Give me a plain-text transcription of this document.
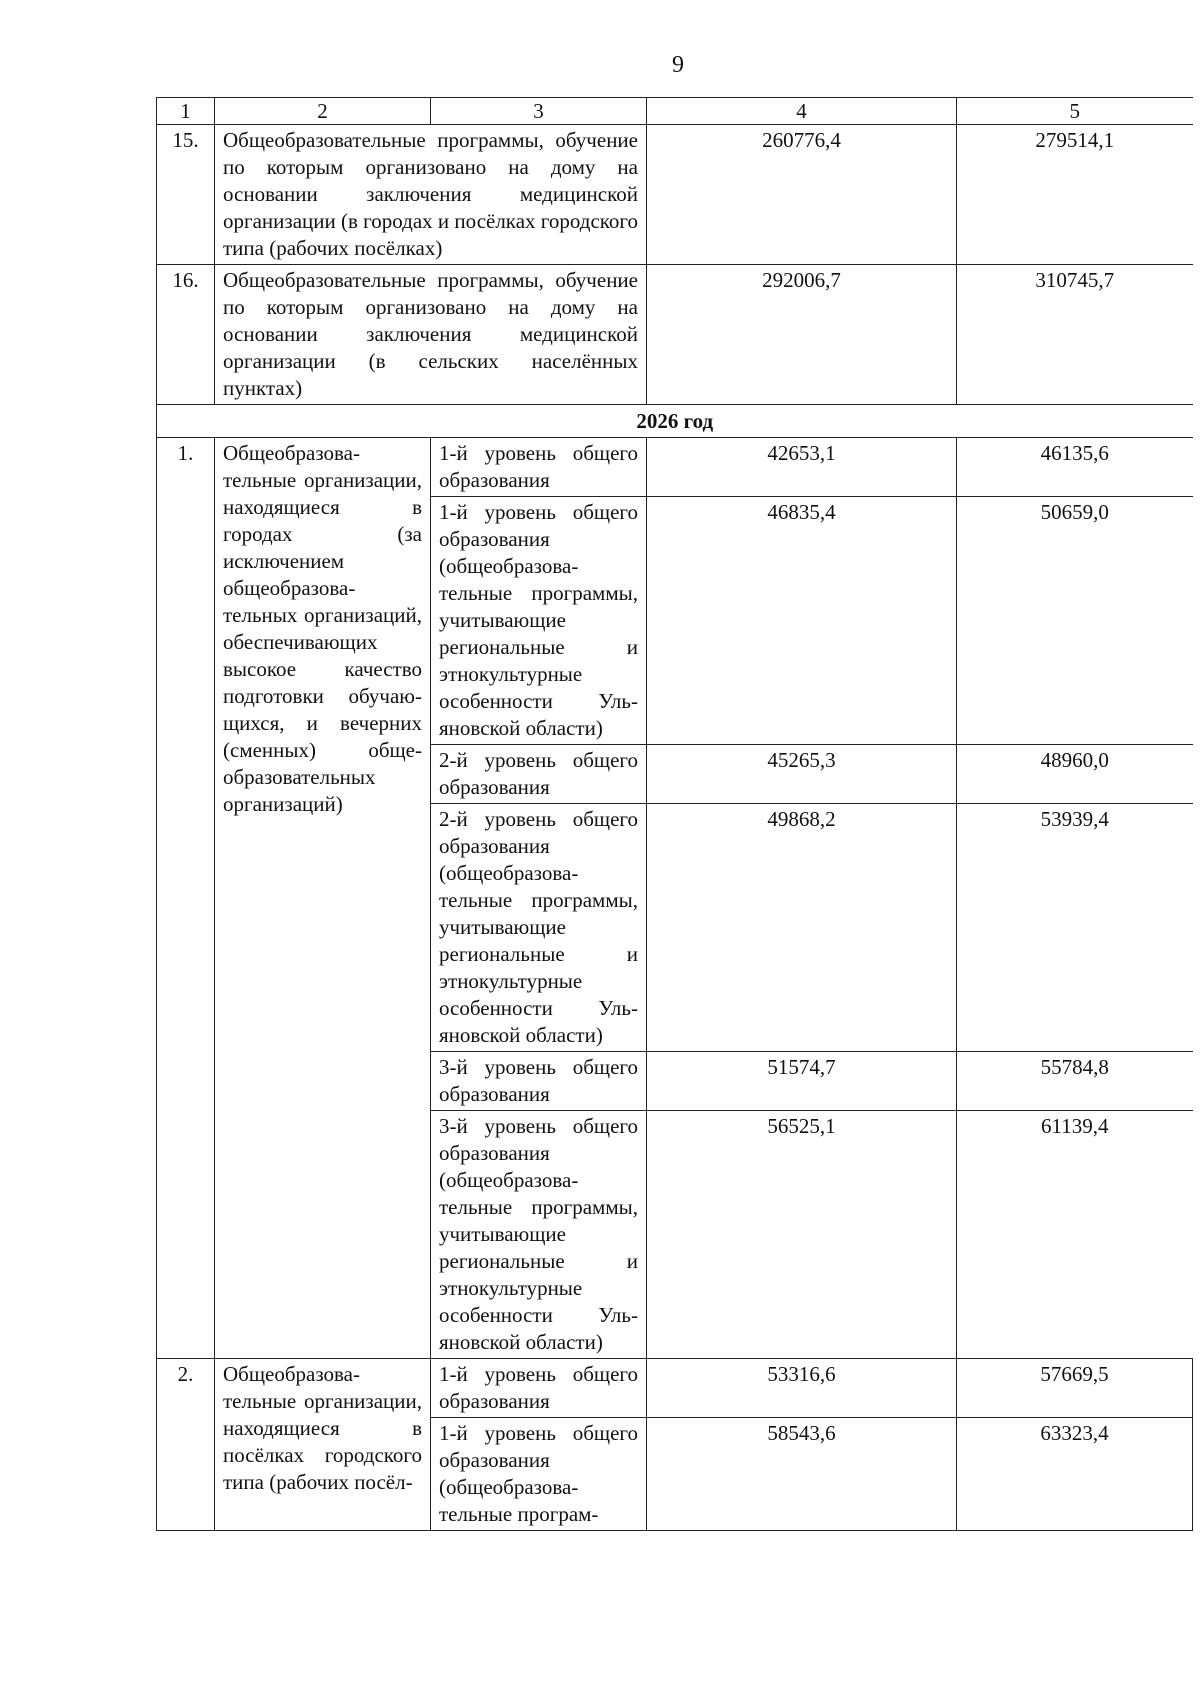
9
1	2	3	4	5
15.	Общеобразовательные программы, обучение по которым организовано на дому на основании заключения медицинской организации (в городах и посёлках городского типа (рабочих посёлках)		260776,4	279514,1
16.	Общеобразовательные программы, обучение по которым организовано на дому на основании заключения медицинской организации (в сельских населённых пунктах)		292006,7	310745,7
2026 год				
1.	Общеобразовательные организации, находящиеся в городах (за исключением общеобразовательных организаций, обеспечивающих высокое качество подготовки обучающихся, и вечерних (сменных) общеобразовательных организаций)	1-й уровень общего образования	42653,1	46135,6
		1-й уровень общего образования (общеобразовательные программы, учитывающие региональные и этнокультурные особенности Ульяновской области)	46835,4	50659,0
		2-й уровень общего образования	45265,3	48960,0
		2-й уровень общего образования (общеобразовательные программы, учитывающие региональные и этнокультурные особенности Ульяновской области)	49868,2	53939,4
		3-й уровень общего образования	51574,7	55784,8
		3-й уровень общего образования (общеобразовательные программы, учитывающие региональные и этнокультурные особенности Ульяновской области)	56525,1	61139,4
2.	Общеобразовательные организации, находящиеся в посёлках городского типа (рабочих посёл-	1-й уровень общего образования	53316,6	57669,5
		1-й уровень общего образования (общеобразовательные програм-	58543,6	63323,4
